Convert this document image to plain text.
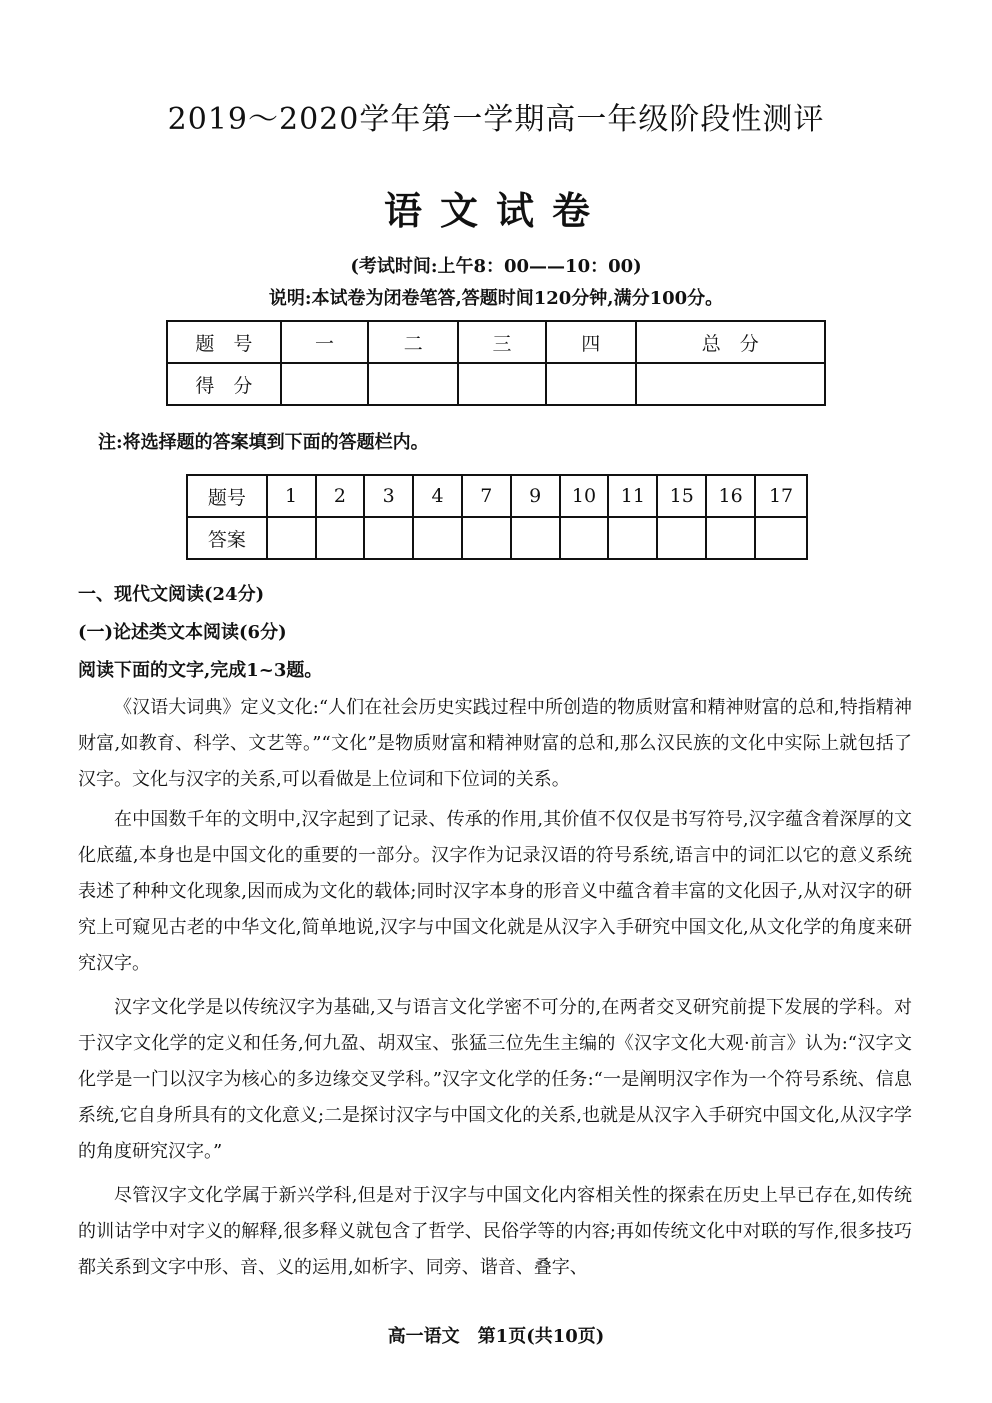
2019～2020学年第一学期高一年级阶段性测评
语文试卷
(考试时间:上午8：00——10：00)
说明:本试卷为闭卷笔答,答题时间120分钟,满分100分。
题　号	一	二	三	四	总　分
得　分					
注:将选择题的答案填到下面的答题栏内。
题号	1	2	3	4	7	9	10	11	15	16	17
答案											
一、现代文阅读(24分)
(一)论述类文本阅读(6分)
阅读下面的文字,完成1~3题。

《汉语大词典》定义文化:“人们在社会历史实践过程中所创造的物质财富和精神财富的总和,特指精神财富,如教育、科学、文艺等。”“文化”是物质财富和精神财富的总和,那么汉民族的文化中实际上就包括了汉字。文化与汉字的关系,可以看做是上位词和下位词的关系。

在中国数千年的文明中,汉字起到了记录、传承的作用,其价值不仅仅是书写符号,汉字蕴含着深厚的文化底蕴,本身也是中国文化的重要的一部分。汉字作为记录汉语的符号系统,语言中的词汇以它的意义系统表述了种种文化现象,因而成为文化的载体;同时汉字本身的形音义中蕴含着丰富的文化因子,从对汉字的研究上可窥见古老的中华文化,简单地说,汉字与中国文化就是从汉字入手研究中国文化,从文化学的角度来研究汉字。

汉字文化学是以传统汉字为基础,又与语言文化学密不可分的,在两者交叉研究前提下发展的学科。对于汉字文化学的定义和任务,何九盈、胡双宝、张猛三位先生主编的《汉字文化大观·前言》认为:“汉字文化学是一门以汉字为核心的多边缘交叉学科。”汉字文化学的任务:“一是阐明汉字作为一个符号系统、信息系统,它自身所具有的文化意义;二是探讨汉字与中国文化的关系,也就是从汉字入手研究中国文化,从汉字学的角度研究汉字。”

尽管汉字文化学属于新兴学科,但是对于汉字与中国文化内容相关性的探索在历史上早已存在,如传统的训诂学中对字义的解释,很多释义就包含了哲学、民俗学等的内容;再如传统文化中对联的写作,很多技巧都关系到文字中形、音、义的运用,如析字、同旁、谐音、叠字、

高一语文　第1页(共10页)
